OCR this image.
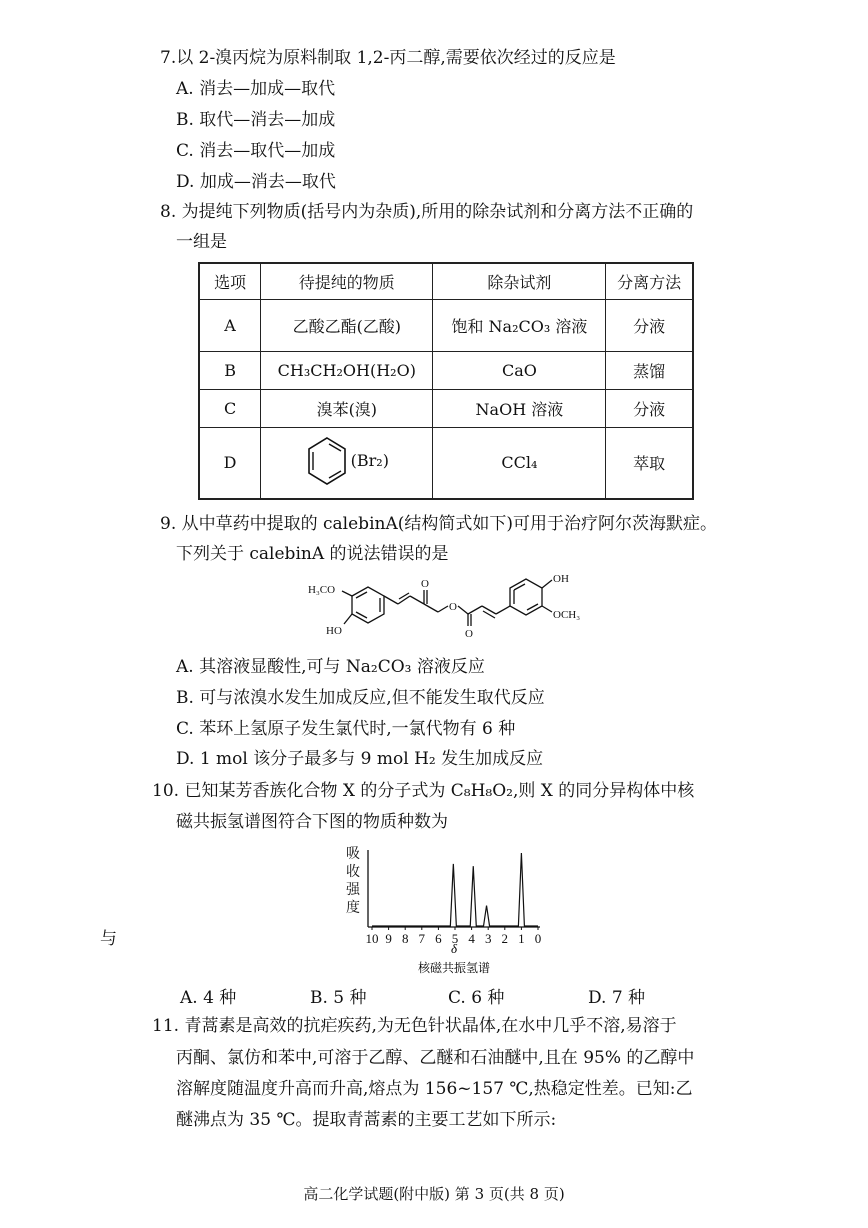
7.以 2-溴丙烷为原料制取 1,2-丙二醇,需要依次经过的反应是
A. 消去—加成—取代
B. 取代—消去—加成
C. 消去—取代—加成
D. 加成—消去—取代
8. 为提纯下列物质(括号内为杂质),所用的除杂试剂和分离方法不正确的
一组是
选项	待提纯的物质	除杂试剂	分离方法
A	乙酸乙酯(乙酸)	饱和 Na₂CO₃ 溶液	分液
B	CH₃CH₂OH(H₂O)	CaO	蒸馏
C	溴苯(溴)	NaOH 溶液	分液
D	(Br₂)	CCl₄	萃取
9. 从中草药中提取的 calebinA(结构简式如下)可用于治疗阿尔茨海默症。
下列关于 calebinA 的说法错误的是
H₃CO
HO
O
O
O
OH
OCH₃
A. 其溶液显酸性,可与 Na₂CO₃ 溶液反应
B. 可与浓溴水发生加成反应,但不能发生取代反应
C. 苯环上氢原子发生氯代时,一氯代物有 6 种
D. 1 mol 该分子最多与 9 mol H₂ 发生加成反应
10. 已知某芳香族化合物 X 的分子式为 C₈H₈O₂,则 X 的同分异构体中核
磁共振氢谱图符合下图的物质种数为
吸
收
强
度
10 9 8 7 6 5 4 3 2 1 0
δ
核磁共振氢谱
与
A. 4 种	B. 5 种	C. 6 种	D. 7 种
11. 青蒿素是高效的抗疟疾药,为无色针状晶体,在水中几乎不溶,易溶于
丙酮、氯仿和苯中,可溶于乙醇、乙醚和石油醚中,且在 95% 的乙醇中
溶解度随温度升高而升高,熔点为 156~157 ℃,热稳定性差。已知:乙
醚沸点为 35 ℃。提取青蒿素的主要工艺如下所示:
高二化学试题(附中版) 第 3 页(共 8 页)
